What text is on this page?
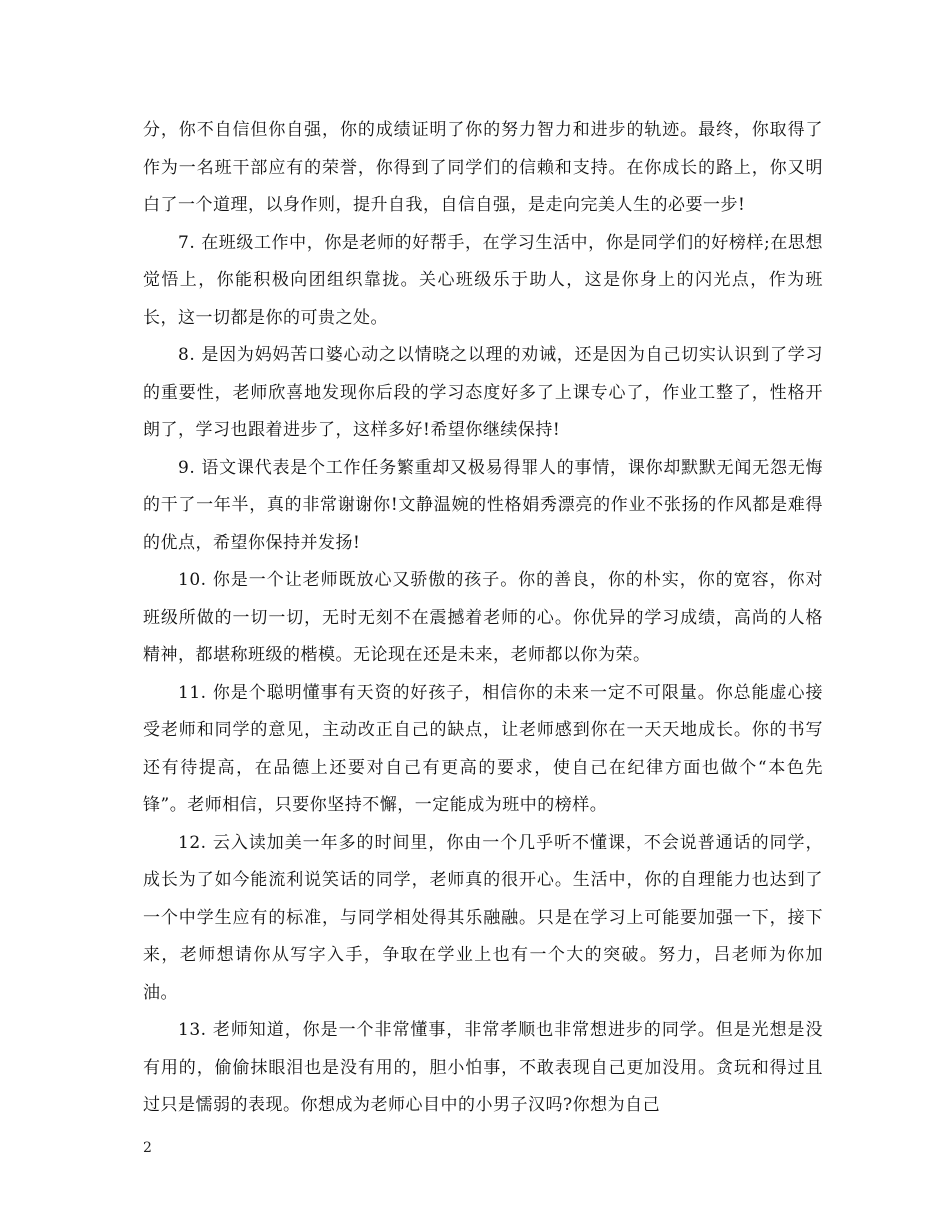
分，你不自信但你自强，你的成绩证明了你的努力智力和进步的轨迹。最终，你取得了作为一名班干部应有的荣誉，你得到了同学们的信赖和支持。在你成长的路上，你又明白了一个道理，以身作则，提升自我，自信自强，是走向完美人生的必要一步!

7. 在班级工作中，你是老师的好帮手，在学习生活中，你是同学们的好榜样;在思想觉悟上，你能积极向团组织靠拢。关心班级乐于助人，这是你身上的闪光点，作为班长，这一切都是你的可贵之处。

8. 是因为妈妈苦口婆心动之以情晓之以理的劝诫，还是因为自己切实认识到了学习的重要性，老师欣喜地发现你后段的学习态度好多了上课专心了，作业工整了，性格开朗了，学习也跟着进步了，这样多好!希望你继续保持!

9. 语文课代表是个工作任务繁重却又极易得罪人的事情，课你却默默无闻无怨无悔的干了一年半，真的非常谢谢你!文静温婉的性格娟秀漂亮的作业不张扬的作风都是难得的优点，希望你保持并发扬!

10. 你是一个让老师既放心又骄傲的孩子。你的善良，你的朴实，你的宽容，你对班级所做的一切一切，无时无刻不在震撼着老师的心。你优异的学习成绩，高尚的人格精神，都堪称班级的楷模。无论现在还是未来，老师都以你为荣。

11. 你是个聪明懂事有天资的好孩子，相信你的未来一定不可限量。你总能虚心接受老师和同学的意见，主动改正自己的缺点，让老师感到你在一天天地成长。你的书写还有待提高，在品德上还要对自己有更高的要求，使自己在纪律方面也做个“本色先锋”。老师相信，只要你坚持不懈，一定能成为班中的榜样。

12. 云入读加美一年多的时间里，你由一个几乎听不懂课，不会说普通话的同学，成长为了如今能流利说笑话的同学，老师真的很开心。生活中，你的自理能力也达到了一个中学生应有的标准，与同学相处得其乐融融。只是在学习上可能要加强一下，接下来，老师想请你从写字入手，争取在学业上也有一个大的突破。努力，吕老师为你加油。

13. 老师知道，你是一个非常懂事，非常孝顺也非常想进步的同学。但是光想是没有用的，偷偷抹眼泪也是没有用的，胆小怕事，不敢表现自己更加没用。贪玩和得过且过只是懦弱的表现。你想成为老师心目中的小男子汉吗?你想为自己

2
